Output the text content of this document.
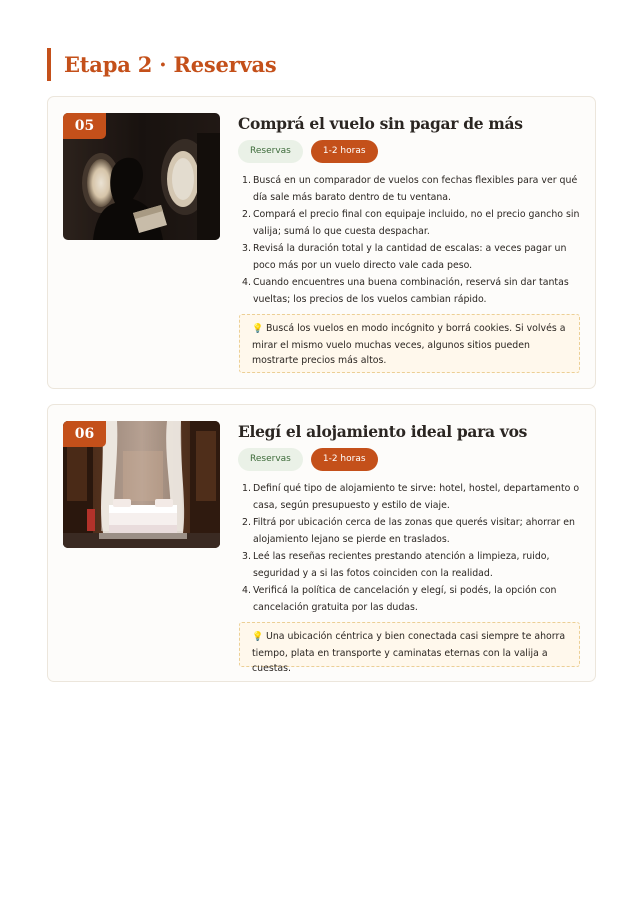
Etapa 2 · Reservas
05	Comprá el vuelo sin pagar de más
Reservas	1-2 horas
1. Buscá en un comparador de vuelos con fechas flexibles para ver qué día sale más barato dentro de tu ventana.
2. Compará el precio final con equipaje incluido, no el precio gancho sin valija; sumá lo que cuesta despachar.
3. Revisá la duración total y la cantidad de escalas: a veces pagar un poco más por un vuelo directo vale cada peso.
4. Cuando encuentres una buena combinación, reservá sin dar tantas vueltas; los precios de los vuelos cambian rápido.
💡 Buscá los vuelos en modo incógnito y borrá cookies. Si volvés a mirar el mismo vuelo muchas veces, algunos sitios pueden mostrarte precios más altos.
06	Elegí el alojamiento ideal para vos
Reservas	1-2 horas
1. Definí qué tipo de alojamiento te sirve: hotel, hostel, departamento o casa, según presupuesto y estilo de viaje.
2. Filtrá por ubicación cerca de las zonas que querés visitar; ahorrar en alojamiento lejano se pierde en traslados.
3. Leé las reseñas recientes prestando atención a limpieza, ruido, seguridad y a si las fotos coinciden con la realidad.
4. Verificá la política de cancelación y elegí, si podés, la opción con cancelación gratuita por las dudas.
💡 Una ubicación céntrica y bien conectada casi siempre te ahorra tiempo, plata en transporte y caminatas eternas con la valija a cuestas.
